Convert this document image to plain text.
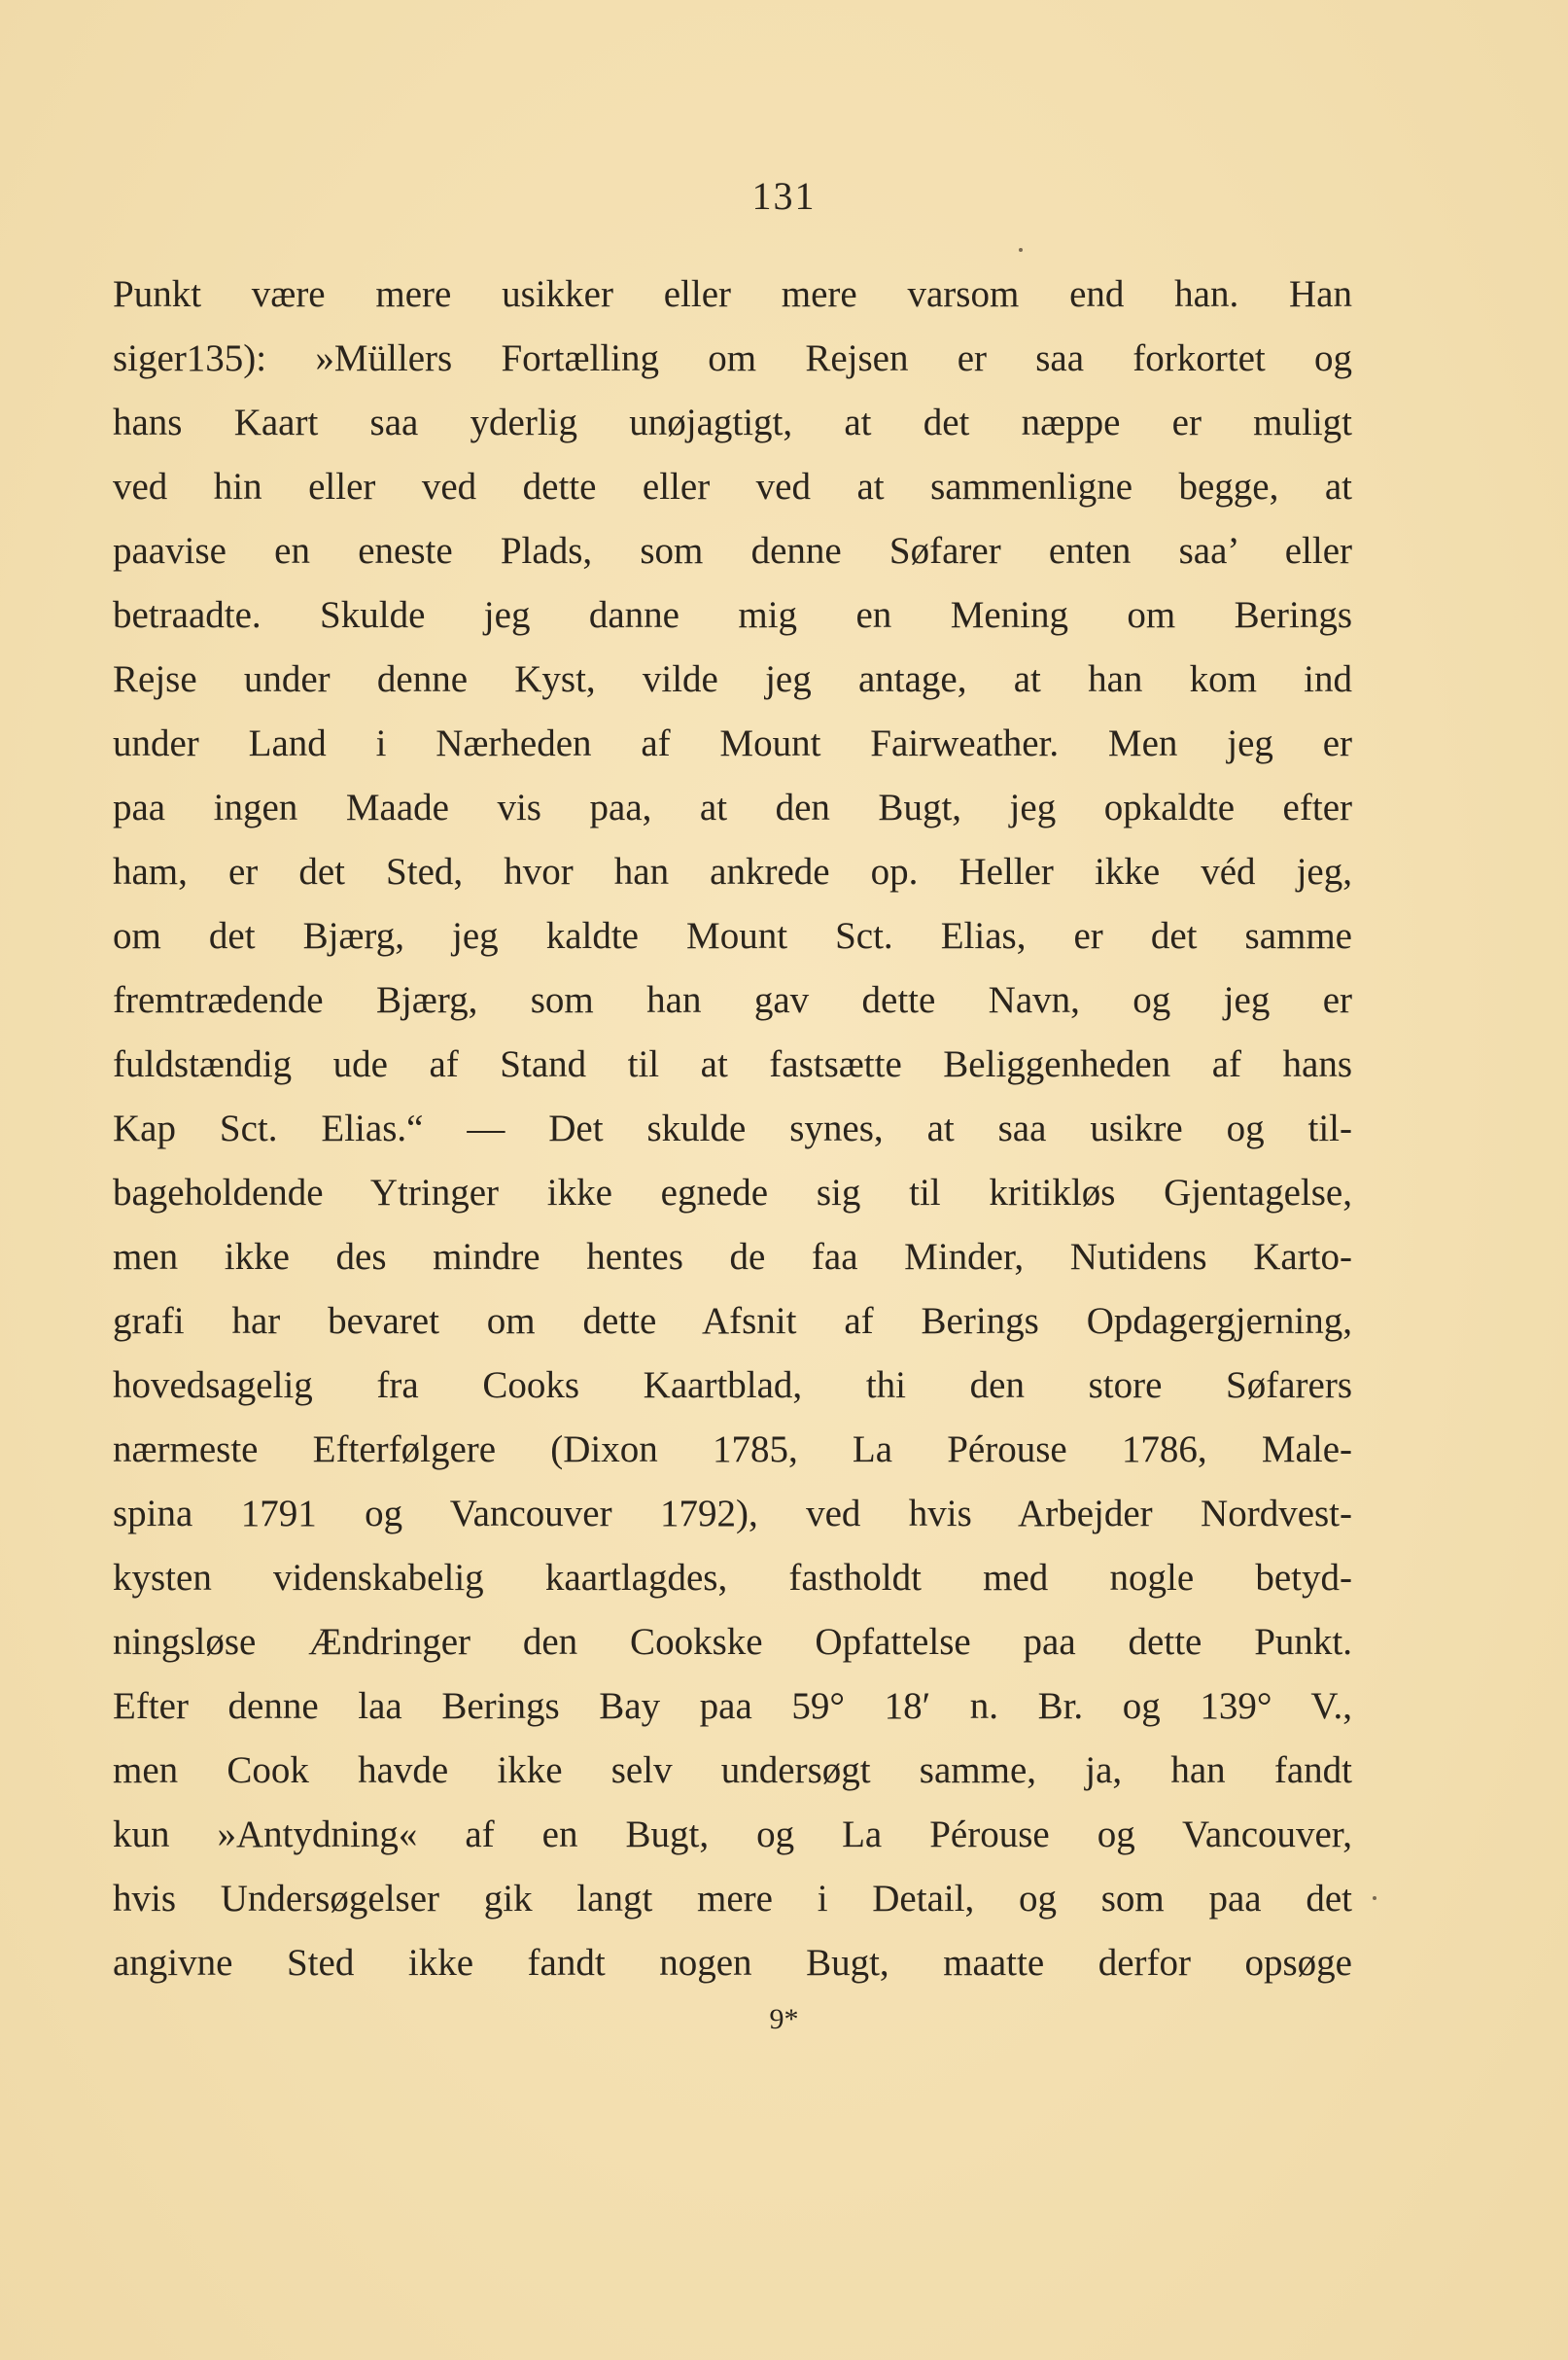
131
Punkt være mere usikker eller mere varsom end han. Han
siger135): »Müllers Fortælling om Rejsen er saa forkortet og
hans Kaart saa yderlig unøjagtigt, at det næppe er muligt
ved hin eller ved dette eller ved at sammenligne begge, at
paavise en eneste Plads, som denne Søfarer enten saa’ eller
betraadte. Skulde jeg danne mig en Mening om Berings
Rejse under denne Kyst, vilde jeg antage, at han kom ind
under Land i Nærheden af Mount Fairweather. Men jeg er
paa ingen Maade vis paa, at den Bugt, jeg opkaldte efter
ham, er det Sted, hvor han ankrede op. Heller ikke véd jeg,
om det Bjærg, jeg kaldte Mount Sct. Elias, er det samme
fremtrædende Bjærg, som han gav dette Navn, og jeg er
fuldstændig ude af Stand til at fastsætte Beliggenheden af hans
Kap Sct. Elias.“ — Det skulde synes, at saa usikre og til-
bageholdende Ytringer ikke egnede sig til kritikløs Gjentagelse,
men ikke des mindre hentes de faa Minder, Nutidens Karto-
grafi har bevaret om dette Afsnit af Berings Opdagergjerning,
hovedsagelig fra Cooks Kaartblad, thi den store Søfarers
nærmeste Efterfølgere (Dixon 1785, La Pérouse 1786, Male-
spina 1791 og Vancouver 1792), ved hvis Arbejder Nordvest-
kysten videnskabelig kaartlagdes, fastholdt med nogle betyd-
ningsløse Ændringer den Cookske Opfattelse paa dette Punkt.
Efter denne laa Berings Bay paa 59° 18′ n. Br. og 139° V.,
men Cook havde ikke selv undersøgt samme, ja, han fandt
kun »Antydning« af en Bugt, og La Pérouse og Vancouver,
hvis Undersøgelser gik langt mere i Detail, og som paa det
angivne Sted ikke fandt nogen Bugt, maatte derfor opsøge
9*
